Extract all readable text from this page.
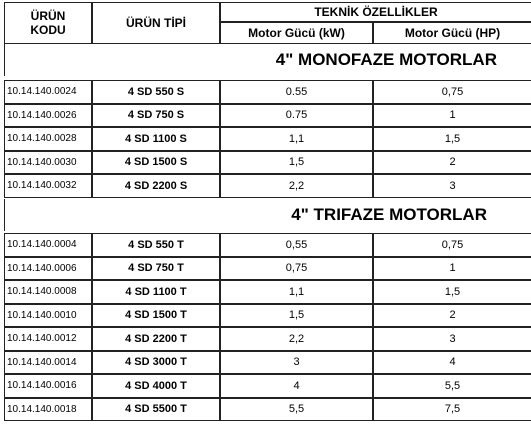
ÜRÜN
KODU	ÜRÜN TİPİ
TEKNİK ÖZELLİKLER
Motor Gücü (kW)	Motor Gücü (HP)
4" MONOFAZE MOTORLAR
10.14.140.0024	4 SD 550 S	0.55	0,75
10.14.140.0026	4 SD 750 S	0.75	1
10.14.140.0028	4 SD 1100 S	1,1	1,5
10.14.140.0030	4 SD 1500 S	1,5	2
10.14.140.0032	4 SD 2200 S	2,2	3
4" TRIFAZE MOTORLAR
10.14.140.0004	4 SD 550 T	0,55	0,75
10.14.140.0006	4 SD 750 T	0,75	1
10.14.140.0008	4 SD 1100 T	1,1	1,5
10.14.140.0010	4 SD 1500 T	1,5	2
10.14.140.0012	4 SD 2200 T	2,2	3
10.14.140.0014	4 SD 3000 T	3	4
10.14.140.0016	4 SD 4000 T	4	5,5
10.14.140.0018	4 SD 5500 T	5,5	7,5
